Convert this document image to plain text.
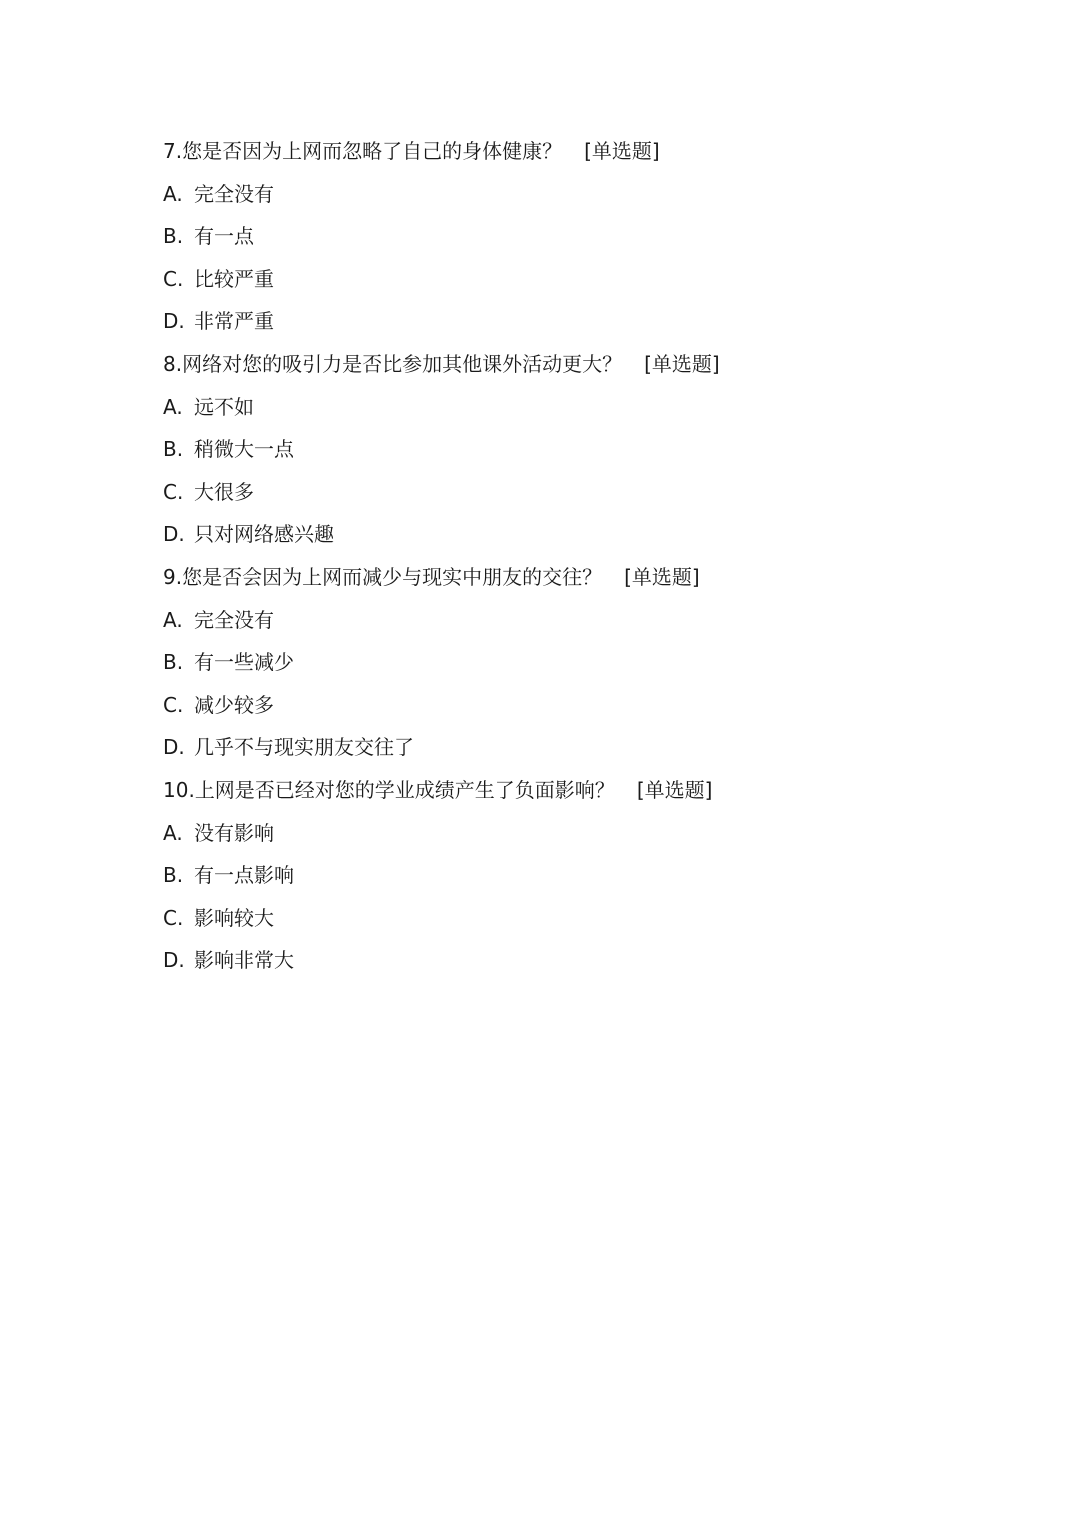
7.您是否因为上网而忽略了自己的身体健康？ [单选题]
A. 完全没有
B. 有一点
C. 比较严重
D. 非常严重
8.网络对您的吸引力是否比参加其他课外活动更大？ [单选题]
A. 远不如
B. 稍微大一点
C. 大很多
D. 只对网络感兴趣
9.您是否会因为上网而减少与现实中朋友的交往？ [单选题]
A. 完全没有
B. 有一些减少
C. 减少较多
D. 几乎不与现实朋友交往了
10.上网是否已经对您的学业成绩产生了负面影响？ [单选题]
A. 没有影响
B. 有一点影响
C. 影响较大
D. 影响非常大
